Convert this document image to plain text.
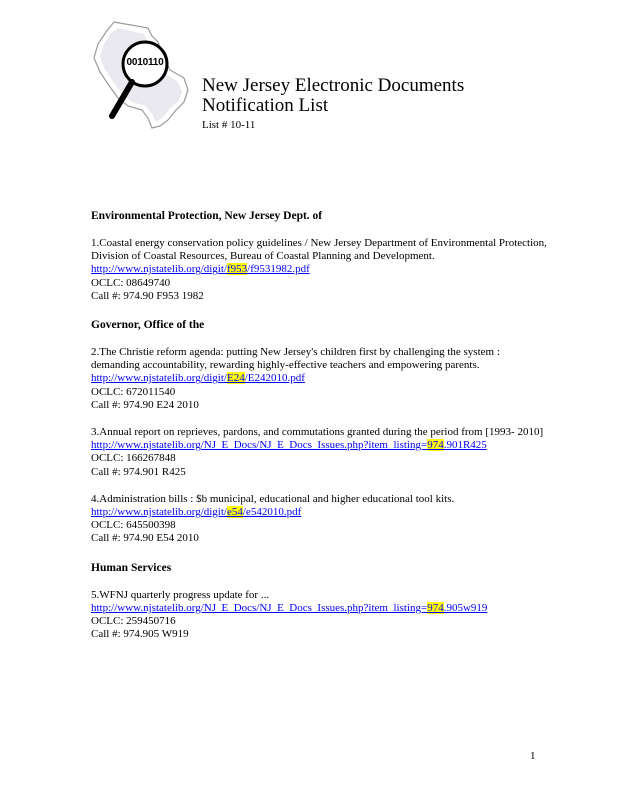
0010110
New Jersey Electronic Documents
Notification List
List # 10-11
Environmental Protection, New Jersey Dept. of

1.Coastal energy conservation policy guidelines / New Jersey Department of Environmental Protection, Division of Coastal Resources, Bureau of Coastal Planning and Development.

http://www.njstatelib.org/digit/f953/f9531982.pdf

OCLC: 08649740

Call #: 974.90 F953 1982

Governor, Office of the

2.The Christie reform agenda: putting New Jersey's children first by challenging the system : demanding accountability, rewarding highly-effective teachers and empowering parents.

http://www.njstatelib.org/digit/E24/E242010.pdf

OCLC: 672011540

Call #: 974.90 E24 2010

3.Annual report on reprieves, pardons, and commutations granted during the period from [1993- 2010]

http://www.njstatelib.org/NJ_E_Docs/NJ_E_Docs_Issues.php?item_listing=974.901R425

OCLC: 166267848

Call #: 974.901 R425

4.Administration bills : $b municipal, educational and higher educational tool kits.

http://www.njstatelib.org/digit/e54/e542010.pdf

OCLC: 645500398

Call #: 974.90 E54 2010

Human Services

5.WFNJ quarterly progress update for ...

http://www.njstatelib.org/NJ_E_Docs/NJ_E_Docs_Issues.php?item_listing=974.905w919

OCLC: 259450716

Call #: 974.905 W919

1
